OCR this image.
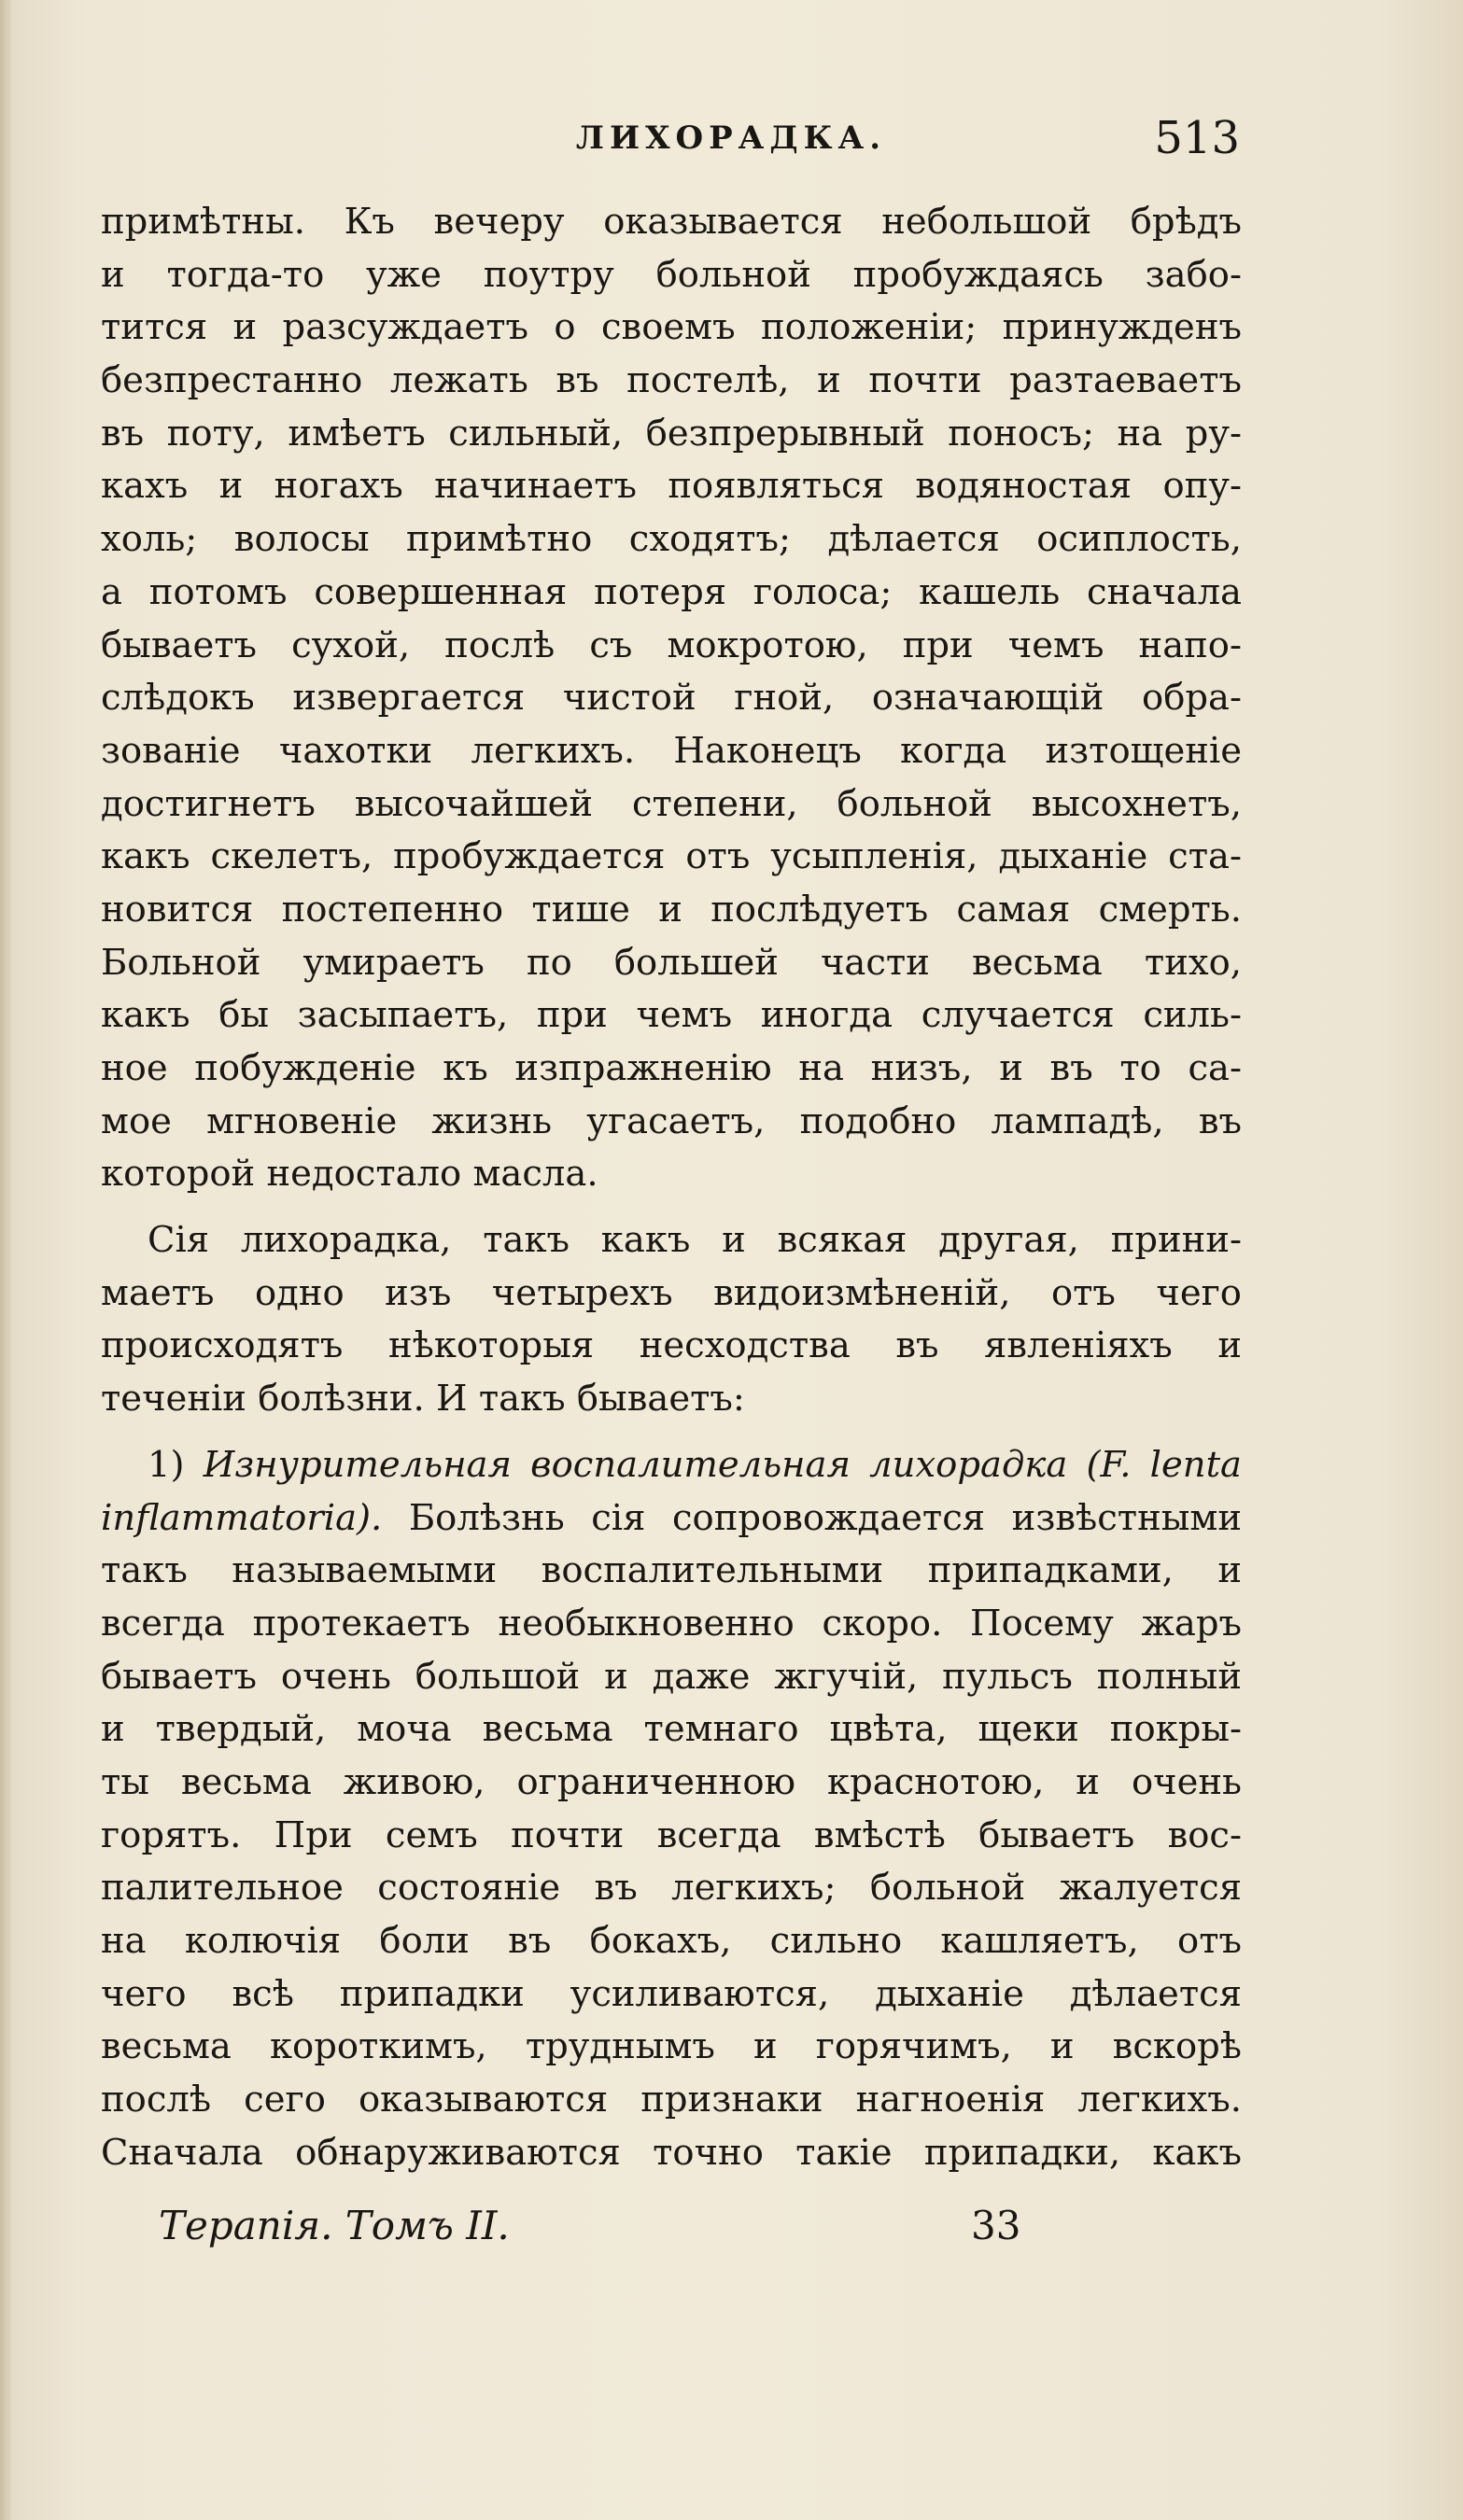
ЛИХОРАДКА.	513
примѣтны. Къ вечеру оказывается небольшой брѣдъ
и тогда-то уже поутру больной пробуждаясь забо-
тится и разсуждаетъ о своемъ положеніи; принужденъ
безпрестанно лежать въ постелѣ, и почти разтаеваетъ
въ поту, имѣетъ сильный, безпрерывный поносъ; на ру-
кахъ и ногахъ начинаетъ появляться водяностая опу-
холь; волосы примѣтно сходятъ; дѣлается осиплость,
а потомъ совершенная потеря голоса; кашель сначала
бываетъ сухой, послѣ съ мокротою, при чемъ напо-
слѣдокъ извергается чистой гной, означающій обра-
зованіе чахотки легкихъ. Наконецъ когда изтощеніе
достигнетъ высочайшей степени, больной высохнетъ,
какъ скелетъ, пробуждается отъ усыпленія, дыханіе ста-
новится постепенно тише и послѣдуетъ самая смерть.
Больной умираетъ по большей части весьма тихо,
какъ бы засыпаетъ, при чемъ иногда случается силь-
ное побужденіе къ изпражненію на низъ, и въ то са-
мое мгновеніе жизнь угасаетъ, подобно лампадѣ, въ
которой недостало масла.
Сія лихорадка, такъ какъ и всякая другая, прини-
маетъ одно изъ четырехъ видоизмѣненій, отъ чего
происходятъ нѣкоторыя несходства въ явленіяхъ и
теченіи болѣзни. И такъ бываетъ:
1) Изнурительная воспалительная лихорадка (F. lenta
inflammatoria). Болѣзнь сія сопровождается извѣстными
такъ называемыми воспалительными припадками, и
всегда протекаетъ необыкновенно скоро. Посему жаръ
бываетъ очень большой и даже жгучій, пульсъ полный
и твердый, моча весьма темнаго цвѣта, щеки покры-
ты весьма живою, ограниченною краснотою, и очень
горятъ. При семъ почти всегда вмѣстѣ бываетъ вос-
палительное состояніе въ легкихъ; больной жалуется
на колючія боли въ бокахъ, сильно кашляетъ, отъ
чего всѣ припадки усиливаются, дыханіе дѣлается
весьма короткимъ, труднымъ и горячимъ, и вскорѣ
послѣ сего оказываются признаки нагноенія легкихъ.
Сначала обнаруживаются точно такіе припадки, какъ
Терапія. Томъ II.	33
